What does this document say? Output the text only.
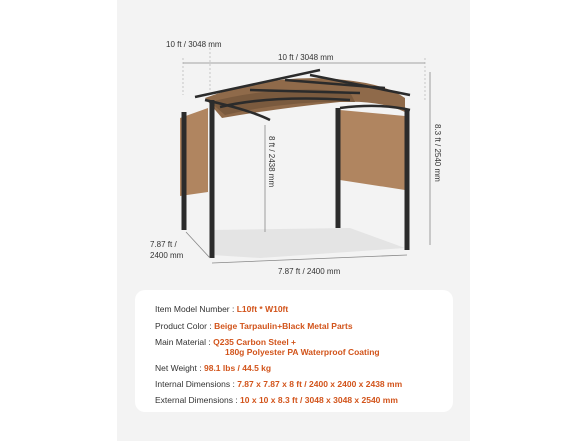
10 ft / 3048 mm
10 ft / 3048 mm
8.3 ft / 2540 mm
8 ft / 2438 mm
7.87 ft /
2400 mm
7.87 ft / 2400 mm
Item Model Number : L10ft * W10ft
Product Color : Beige Tarpaulin+Black Metal Parts
Main Material : Q235 Carbon Steel +
180g Polyester PA Waterproof Coating
Net Weight : 98.1 lbs / 44.5 kg
Internal Dimensions : 7.87 x 7.87 x 8 ft / 2400 x 2400 x 2438 mm
External Dimensions : 10 x 10 x 8.3 ft / 3048 x 3048 x 2540 mm
